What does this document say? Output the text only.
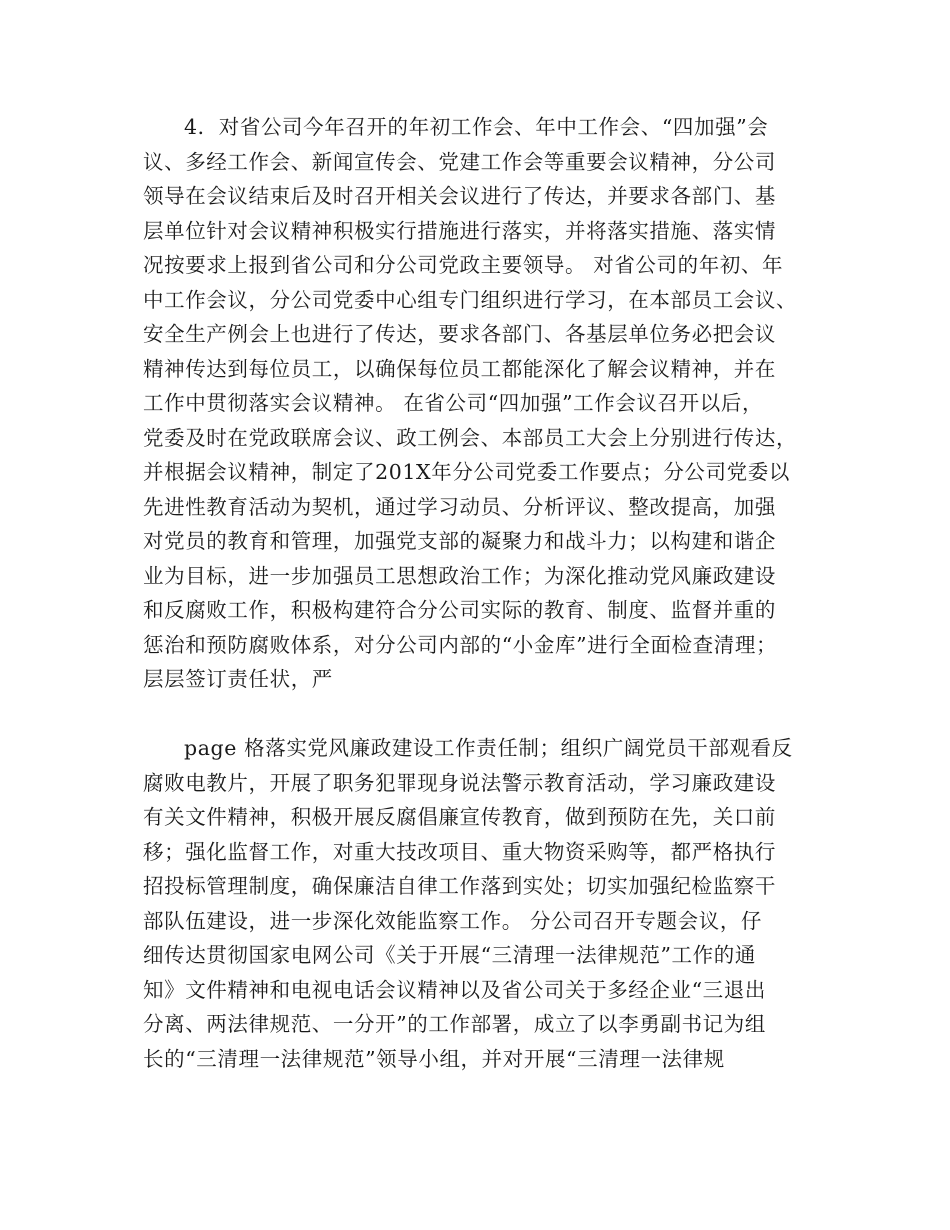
4．对省公司今年召开的年初工作会、年中工作会、“四加强”会
议、多经工作会、新闻宣传会、党建工作会等重要会议精神，分公司
领导在会议结束后及时召开相关会议进行了传达，并要求各部门、基
层单位针对会议精神积极实行措施进行落实，并将落实措施、落实情
况按要求上报到省公司和分公司党政主要领导。 对省公司的年初、年
中工作会议，分公司党委中心组专门组织进行学习，在本部员工会议、
安全生产例会上也进行了传达，要求各部门、各基层单位务必把会议
精神传达到每位员工，以确保每位员工都能深化了解会议精神，并在
工作中贯彻落实会议精神。 在省公司“四加强”工作会议召开以后，
党委及时在党政联席会议、政工例会、本部员工大会上分别进行传达，
并根据会议精神，制定了201X年分公司党委工作要点；分公司党委以
先进性教育活动为契机，通过学习动员、分析评议、整改提高，加强
对党员的教育和管理，加强党支部的凝聚力和战斗力；以构建和谐企
业为目标，进一步加强员工思想政治工作；为深化推动党风廉政建设
和反腐败工作，积极构建符合分公司实际的教育、制度、监督并重的
惩治和预防腐败体系，对分公司内部的“小金库”进行全面检查清理；
层层签订责任状，严

page 格落实党风廉政建设工作责任制；组织广阔党员干部观看反
腐败电教片，开展了职务犯罪现身说法警示教育活动，学习廉政建设
有关文件精神，积极开展反腐倡廉宣传教育，做到预防在先，关口前
移；强化监督工作，对重大技改项目、重大物资采购等，都严格执行
招投标管理制度，确保廉洁自律工作落到实处；切实加强纪检监察干
部队伍建设，进一步深化效能监察工作。 分公司召开专题会议，仔
细传达贯彻国家电网公司《关于开展“三清理一法律规范”工作的通
知》文件精神和电视电话会议精神以及省公司关于多经企业“三退出
分离、两法律规范、一分开”的工作部署，成立了以李勇副书记为组
长的“三清理一法律规范”领导小组，并对开展“三清理一法律规
